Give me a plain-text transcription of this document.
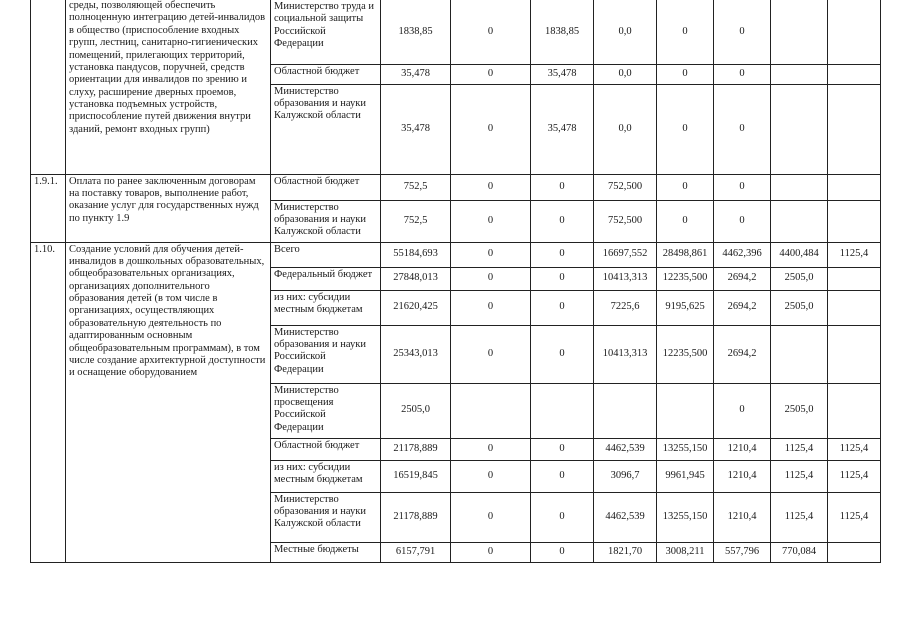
	среды, позволяющей обеспечить полноценную интеграцию детей-инвалидов в общество (приспособление входных групп, лестниц, санитарно-гигиенических помещений, прилегающих территорий, установка пандусов, поручней, средств ориентации для инвалидов по зрению и слуху, расширение дверных проемов, установка подъемных устройств, приспособление путей движения внутри зданий, ремонт входных групп)	Министерство труда и социальной защиты Российской Федерации	1838,85	0	1838,85	0,0	0	0		
		Областной бюджет	35,478	0	35,478	0,0	0	0		
		Министерство образования и науки Калужской области	35,478	0	35,478	0,0	0	0		
1.9.1.	Оплата по ранее заключенным договорам на поставку товаров, выполнение работ, оказание услуг для государственных нужд по пункту 1.9	Областной бюджет	752,5	0	0	752,500	0	0		
		Министерство образования и науки Калужской области	752,5	0	0	752,500	0	0		
1.10.	Создание условий для обучения детей-инвалидов в дошкольных образовательных, общеобразовательных организациях, организациях дополнительного образования детей (в том числе в организациях, осуществляющих образовательную деятельность по адаптированным основным общеобразовательным программам), в том числе создание архитектурной доступности и оснащение оборудованием	Всего	55184,693	0	0	16697,552	28498,861	4462,396	4400,484	1125,4
		Федеральный бюджет	27848,013	0	0	10413,313	12235,500	2694,2	2505,0	
		из них: субсидии местным бюджетам	21620,425	0	0	7225,6	9195,625	2694,2	2505,0	
		Министерство образования и науки Российской Федерации	25343,013	0	0	10413,313	12235,500	2694,2		
		Министерство просвещения Российской Федерации	2505,0					0	2505,0	
		Областной бюджет	21178,889	0	0	4462,539	13255,150	1210,4	1125,4	1125,4
		из них: субсидии местным бюджетам	16519,845	0	0	3096,7	9961,945	1210,4	1125,4	1125,4
		Министерство образования и науки Калужской области	21178,889	0	0	4462,539	13255,150	1210,4	1125,4	1125,4
		Местные бюджеты	6157,791	0	0	1821,70	3008,211	557,796	770,084	
